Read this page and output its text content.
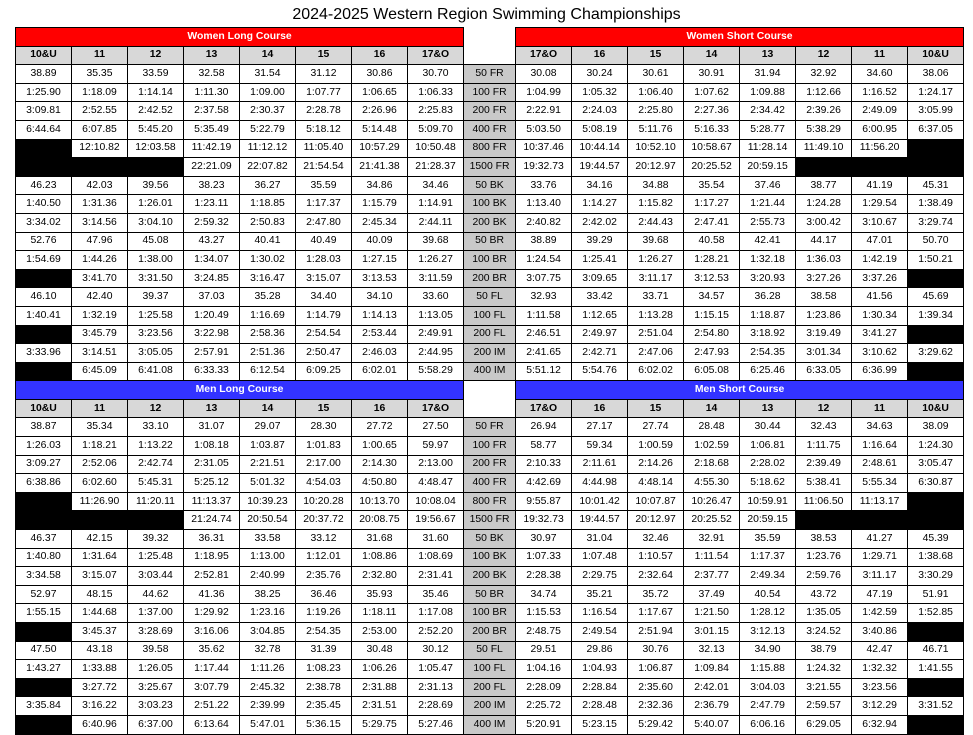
2024-2025 Western Region Swimming Championships
Women Long Course									Women Short Course							
10&U	11	12	13	14	15	16	17&O		17&O	16	15	14	13	12	11	10&U
38.89	35.35	33.59	32.58	31.54	31.12	30.86	30.70	50 FR	30.08	30.24	30.61	30.91	31.94	32.92	34.60	38.06
1:25.90	1:18.09	1:14.14	1:11.30	1:09.00	1:07.77	1:06.65	1:06.33	100 FR	1:04.99	1:05.32	1:06.40	1:07.62	1:09.88	1:12.66	1:16.52	1:24.17
3:09.81	2:52.55	2:42.52	2:37.58	2:30.37	2:28.78	2:26.96	2:25.83	200 FR	2:22.91	2:24.03	2:25.80	2:27.36	2:34.42	2:39.26	2:49.09	3:05.99
6:44.64	6:07.85	5:45.20	5:35.49	5:22.79	5:18.12	5:14.48	5:09.70	400 FR	5:03.50	5:08.19	5:11.76	5:16.33	5:28.77	5:38.29	6:00.95	6:37.05
	12:10.82	12:03.58	11:42.19	11:12.12	11:05.40	10:57.29	10:50.48	800 FR	10:37.46	10:44.14	10:52.10	10:58.67	11:28.14	11:49.10	11:56.20	
			22:21.09	22:07.82	21:54.54	21:41.38	21:28.37	1500 FR	19:32.73	19:44.57	20:12.97	20:25.52	20:59.15			
46.23	42.03	39.56	38.23	36.27	35.59	34.86	34.46	50 BK	33.76	34.16	34.88	35.54	37.46	38.77	41.19	45.31
1:40.50	1:31.36	1:26.01	1:23.11	1:18.85	1:17.37	1:15.79	1:14.91	100 BK	1:13.40	1:14.27	1:15.82	1:17.27	1:21.44	1:24.28	1:29.54	1:38.49
3:34.02	3:14.56	3:04.10	2:59.32	2:50.83	2:47.80	2:45.34	2:44.11	200 BK	2:40.82	2:42.02	2:44.43	2:47.41	2:55.73	3:00.42	3:10.67	3:29.74
52.76	47.96	45.08	43.27	40.41	40.49	40.09	39.68	50 BR	38.89	39.29	39.68	40.58	42.41	44.17	47.01	50.70
1:54.69	1:44.26	1:38.00	1:34.07	1:30.02	1:28.03	1:27.15	1:26.27	100 BR	1:24.54	1:25.41	1:26.27	1:28.21	1:32.18	1:36.03	1:42.19	1:50.21
	3:41.70	3:31.50	3:24.85	3:16.47	3:15.07	3:13.53	3:11.59	200 BR	3:07.75	3:09.65	3:11.17	3:12.53	3:20.93	3:27.26	3:37.26	
46.10	42.40	39.37	37.03	35.28	34.40	34.10	33.60	50 FL	32.93	33.42	33.71	34.57	36.28	38.58	41.56	45.69
1:40.41	1:32.19	1:25.58	1:20.49	1:16.69	1:14.79	1:14.13	1:13.05	100 FL	1:11.58	1:12.65	1:13.28	1:15.15	1:18.87	1:23.86	1:30.34	1:39.34
	3:45.79	3:23.56	3:22.98	2:58.36	2:54.54	2:53.44	2:49.91	200 FL	2:46.51	2:49.97	2:51.04	2:54.80	3:18.92	3:19.49	3:41.27	
3:33.96	3:14.51	3:05.05	2:57.91	2:51.36	2:50.47	2:46.03	2:44.95	200 IM	2:41.65	2:42.71	2:47.06	2:47.93	2:54.35	3:01.34	3:10.62	3:29.62
	6:45.09	6:41.08	6:33.33	6:12.54	6:09.25	6:02.01	5:58.29	400 IM	5:51.12	5:54.76	6:02.02	6:05.08	6:25.46	6:33.05	6:36.99	
Men Long Course									Men Short Course							
10&U	11	12	13	14	15	16	17&O		17&O	16	15	14	13	12	11	10&U
38.87	35.34	33.10	31.07	29.07	28.30	27.72	27.50	50 FR	26.94	27.17	27.74	28.48	30.44	32.43	34.63	38.09
1:26.03	1:18.21	1:13.22	1:08.18	1:03.87	1:01.83	1:00.65	59.97	100 FR	58.77	59.34	1:00.59	1:02.59	1:06.81	1:11.75	1:16.64	1:24.30
3:09.27	2:52.06	2:42.74	2:31.05	2:21.51	2:17.00	2:14.30	2:13.00	200 FR	2:10.33	2:11.61	2:14.26	2:18.68	2:28.02	2:39.49	2:48.61	3:05.47
6:38.86	6:02.60	5:45.31	5:25.12	5:01.32	4:54.03	4:50.80	4:48.47	400 FR	4:42.69	4:44.98	4:48.14	4:55.30	5:18.62	5:38.41	5:55.34	6:30.87
	11:26.90	11:20.11	11:13.37	10:39.23	10:20.28	10:13.70	10:08.04	800 FR	9:55.87	10:01.42	10:07.87	10:26.47	10:59.91	11:06.50	11:13.17	
			21:24.74	20:50.54	20:37.72	20:08.75	19:56.67	1500 FR	19:32.73	19:44.57	20:12.97	20:25.52	20:59.15			
46.37	42.15	39.32	36.31	33.58	33.12	31.68	31.60	50 BK	30.97	31.04	32.46	32.91	35.59	38.53	41.27	45.39
1:40.80	1:31.64	1:25.48	1:18.95	1:13.00	1:12.01	1:08.86	1:08.69	100 BK	1:07.33	1:07.48	1:10.57	1:11.54	1:17.37	1:23.76	1:29.71	1:38.68
3:34.58	3:15.07	3:03.44	2:52.81	2:40.99	2:35.76	2:32.80	2:31.41	200 BK	2:28.38	2:29.75	2:32.64	2:37.77	2:49.34	2:59.76	3:11.17	3:30.29
52.97	48.15	44.62	41.36	38.25	36.46	35.93	35.46	50 BR	34.74	35.21	35.72	37.49	40.54	43.72	47.19	51.91
1:55.15	1:44.68	1:37.00	1:29.92	1:23.16	1:19.26	1:18.11	1:17.08	100 BR	1:15.53	1:16.54	1:17.67	1:21.50	1:28.12	1:35.05	1:42.59	1:52.85
	3:45.37	3:28.69	3:16.06	3:04.85	2:54.35	2:53.00	2:52.20	200 BR	2:48.75	2:49.54	2:51.94	3:01.15	3:12.13	3:24.52	3:40.86	
47.50	43.18	39.58	35.62	32.78	31.39	30.48	30.12	50 FL	29.51	29.86	30.76	32.13	34.90	38.79	42.47	46.71
1:43.27	1:33.88	1:26.05	1:17.44	1:11.26	1:08.23	1:06.26	1:05.47	100 FL	1:04.16	1:04.93	1:06.87	1:09.84	1:15.88	1:24.32	1:32.32	1:41.55
	3:27.72	3:25.67	3:07.79	2:45.32	2:38.78	2:31.88	2:31.13	200 FL	2:28.09	2:28.84	2:35.60	2:42.01	3:04.03	3:21.55	3:23.56	
3:35.84	3:16.22	3:03.23	2:51.22	2:39.99	2:35.45	2:31.51	2:28.69	200 IM	2:25.72	2:28.48	2:32.36	2:36.79	2:47.79	2:59.57	3:12.29	3:31.52
	6:40.96	6:37.00	6:13.64	5:47.01	5:36.15	5:29.75	5:27.46	400 IM	5:20.91	5:23.15	5:29.42	5:40.07	6:06.16	6:29.05	6:32.94	
